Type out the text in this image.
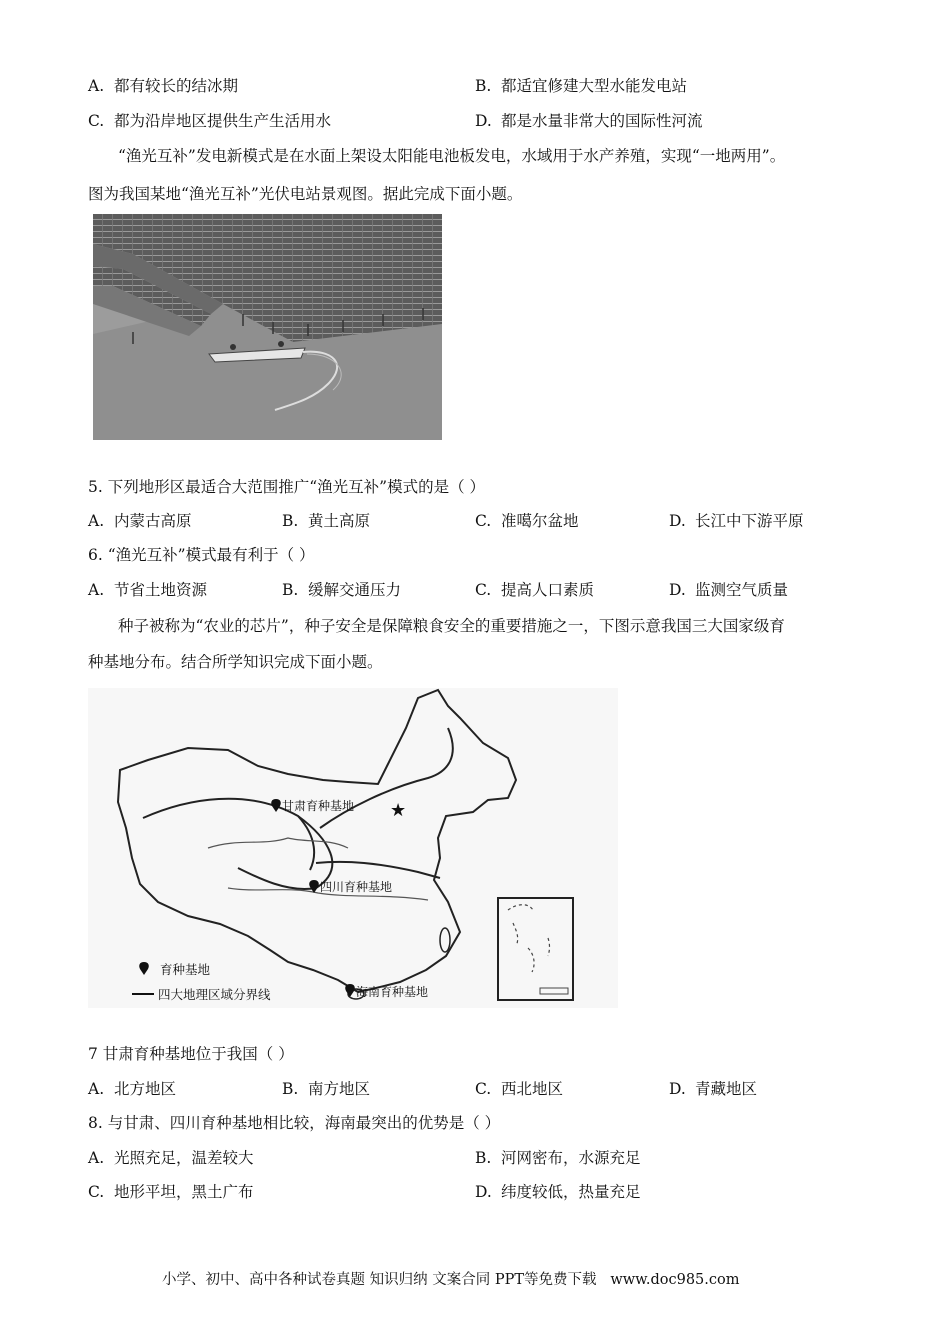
A. 都有较长的结冰期	B. 都适宜修建大型水能发电站
C. 都为沿岸地区提供生产生活用水	D. 都是水量非常大的国际性河流
“渔光互补”发电新模式是在水面上架设太阳能电池板发电，水域用于水产养殖，实现“一地两用”。
图为我国某地“渔光互补”光伏电站景观图。据此完成下面小题。
5. 下列地形区最适合大范围推广“渔光互补”模式的是（ ）
A. 内蒙古高原	B. 黄土高原	C. 准噶尔盆地	D. 长江中下游平原
6. “渔光互补”模式最有利于（ ）
A. 节省土地资源	B. 缓解交通压力	C. 提高人口素质	D. 监测空气质量
种子被称为“农业的芯片”，种子安全是保障粮食安全的重要措施之一，下图示意我国三大国家级育
种基地分布。结合所学知识完成下面小题。
★
甘肃育种基地
四川育种基地
海南育种基地
育种基地
四大地理区域分界线
7 甘肃育种基地位于我国（ ）
A. 北方地区	B. 南方地区	C. 西北地区	D. 青藏地区
8. 与甘肃、四川育种基地相比较，海南最突出的优势是（ ）
A. 光照充足，温差较大	B. 河网密布，水源充足
C. 地形平坦，黑土广布	D. 纬度较低，热量充足
小学、初中、高中各种试卷真题 知识归纳 文案合同 PPT等免费下载 www.doc985.com
